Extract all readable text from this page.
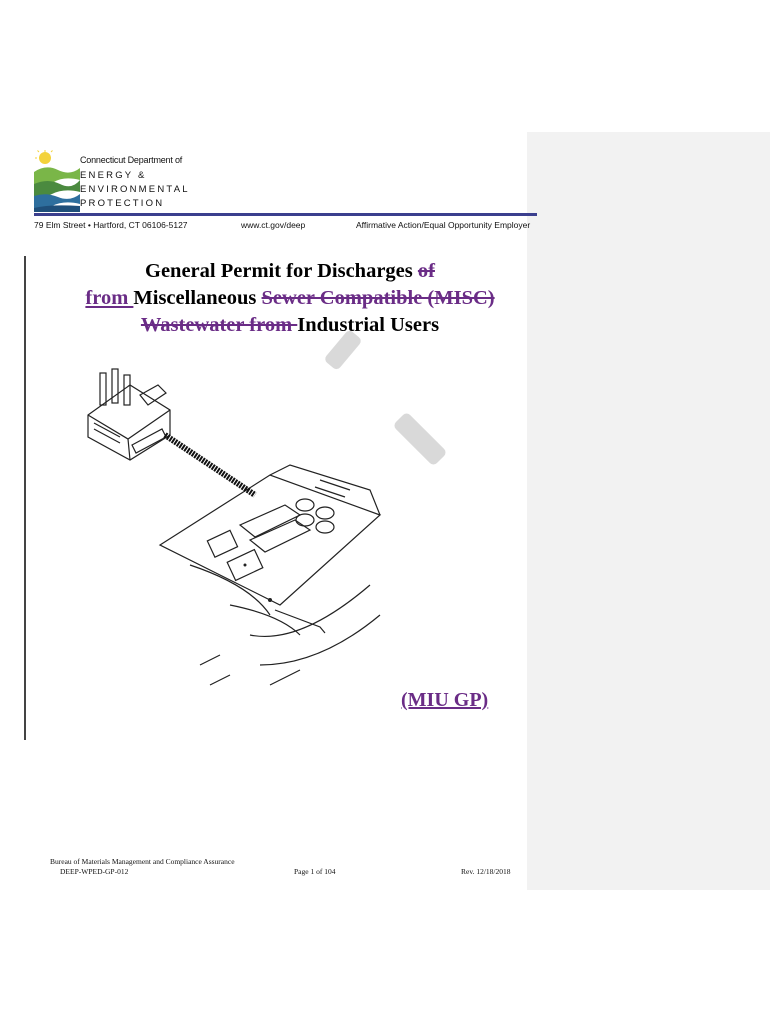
Connecticut Department of
ENERGY &
ENVIRONMENTAL
PROTECTION
79 Elm Street • Hartford, CT 06106-5127	www.ct.gov/deep	Affirmative Action/Equal Opportunity Employer
General Permit for Discharges of
from Miscellaneous Sewer Compatible (MISC)
Wastewater from Industrial Users
(MIU GP)
Bureau of Materials Management and Compliance Assurance
DEEP-WPED-GP-012	Page 1 of 104	Rev. 12/18/2018
